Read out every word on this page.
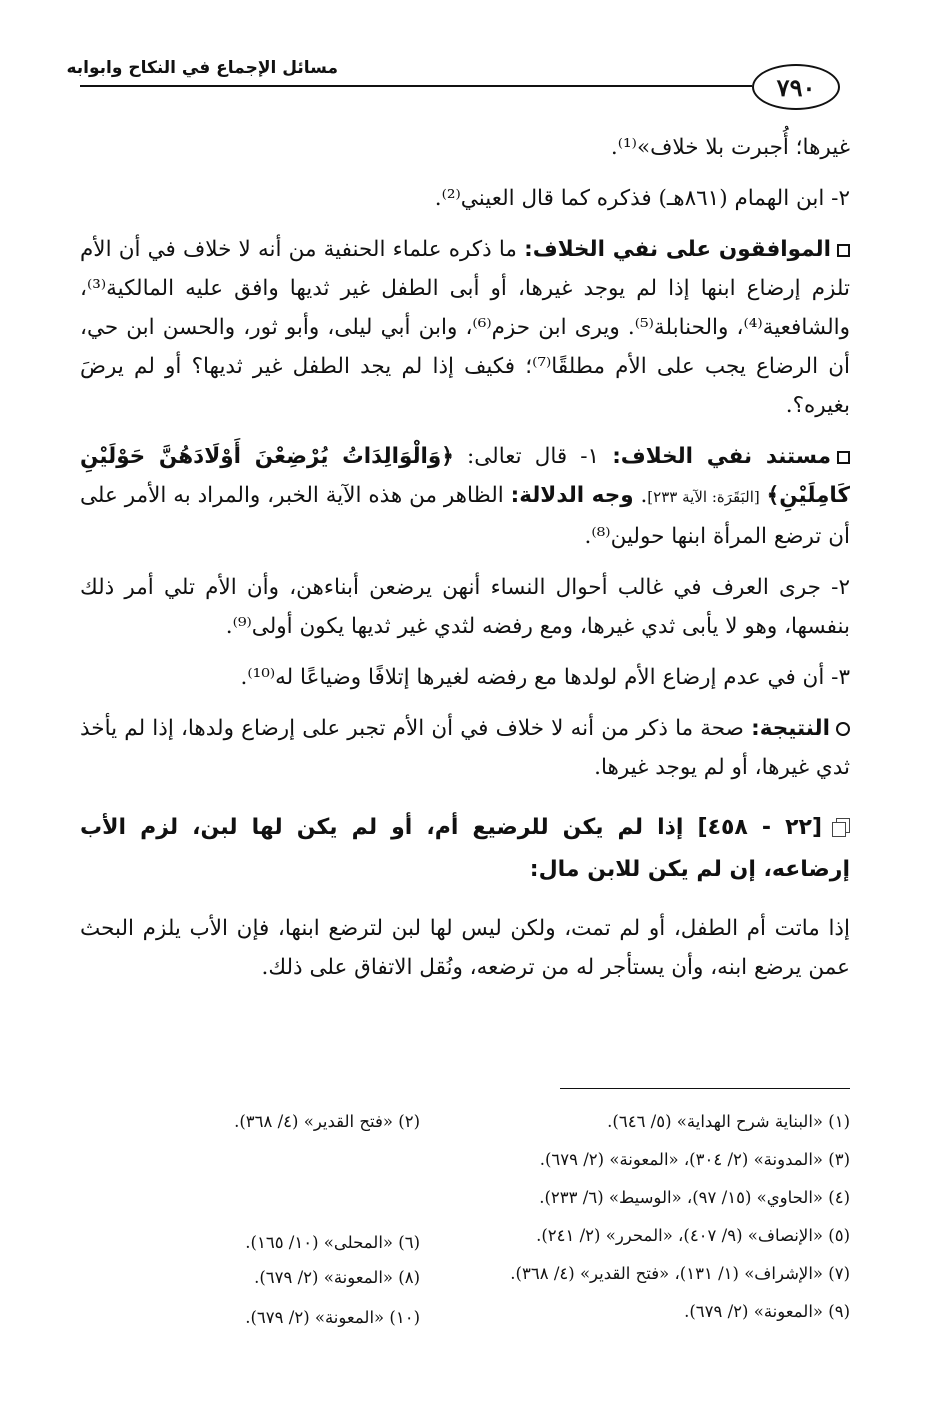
مسائل الإجماع في النكاح وابوابه
٧٩٠

غيرها؛ أُجبرت بلا خلاف»⁽¹⁾.

٢- ابن الهمام (٨٦١هـ) فذكره كما قال العيني⁽²⁾.

الموافقون على نفي الخلاف: ما ذكره علماء الحنفية من أنه لا خلاف في أن الأم تلزم إرضاع ابنها إذا لم يوجد غيرها، أو أبى الطفل غير ثديها وافق عليه المالكية⁽³⁾، والشافعية⁽⁴⁾، والحنابلة⁽⁵⁾. ويرى ابن حزم⁽⁶⁾، وابن أبي ليلى، وأبو ثور، والحسن ابن حي، أن الرضاع يجب على الأم مطلقًا⁽⁷⁾؛ فكيف إذا لم يجد الطفل غير ثديها؟ أو لم يرضَ بغيره؟.

مستند نفي الخلاف: ١- قال تعالى: ﴿وَالْوَالِدَاتُ يُرْضِعْنَ أَوْلَادَهُنَّ حَوْلَيْنِ كَامِلَيْنِ﴾ [البَقَرَة: الآية ٢٣٣]. وجه الدلالة: الظاهر من هذه الآية الخبر، والمراد به الأمر على أن ترضع المرأة ابنها حولين⁽⁸⁾.

٢- جرى العرف في غالب أحوال النساء أنهن يرضعن أبناءهن، وأن الأم تلي أمر ذلك بنفسها، وهو لا يأبى ثدي غيرها، ومع رفضه لثدي غير ثديها يكون أولى⁽⁹⁾.

٣- أن في عدم إرضاع الأم لولدها مع رفضه لغيرها إتلافًا وضياعًا له⁽¹⁰⁾.

النتيجة: صحة ما ذكر من أنه لا خلاف في أن الأم تجبر على إرضاع ولدها، إذا لم يأخذ ثدي غيرها، أو لم يوجد غيرها.

[٢٢ - ٤٥٨] إذا لم يكن للرضيع أم، أو لم يكن لها لبن، لزم الأب إرضاعه، إن لم يكن للابن مال:

إذا ماتت أم الطفل، أو لم تمت، ولكن ليس لها لبن لترضع ابنها، فإن الأب يلزم البحث عمن يرضع ابنه، وأن يستأجر له من ترضعه، ونُقل الاتفاق على ذلك.

(١) «البناية شرح الهداية» (٥/ ٦٤٦).
(٢) «فتح القدير» (٤/ ٣٦٨).
(٣) «المدونة» (٢/ ٣٠٤)، «المعونة» (٢/ ٦٧٩).
(٤) «الحاوي» (١٥/ ٩٧)، «الوسيط» (٦/ ٢٣٣).
(٥) «الإنصاف» (٩/ ٤٠٧)، «المحرر» (٢/ ٢٤١).
(٦) «المحلى» (١٠/ ١٦٥).
(٧) «الإشراف» (١/ ١٣١)، «فتح القدير» (٤/ ٣٦٨).
(٨) «المعونة» (٢/ ٦٧٩).
(٩) «المعونة» (٢/ ٦٧٩).
(١٠) «المعونة» (٢/ ٦٧٩).
